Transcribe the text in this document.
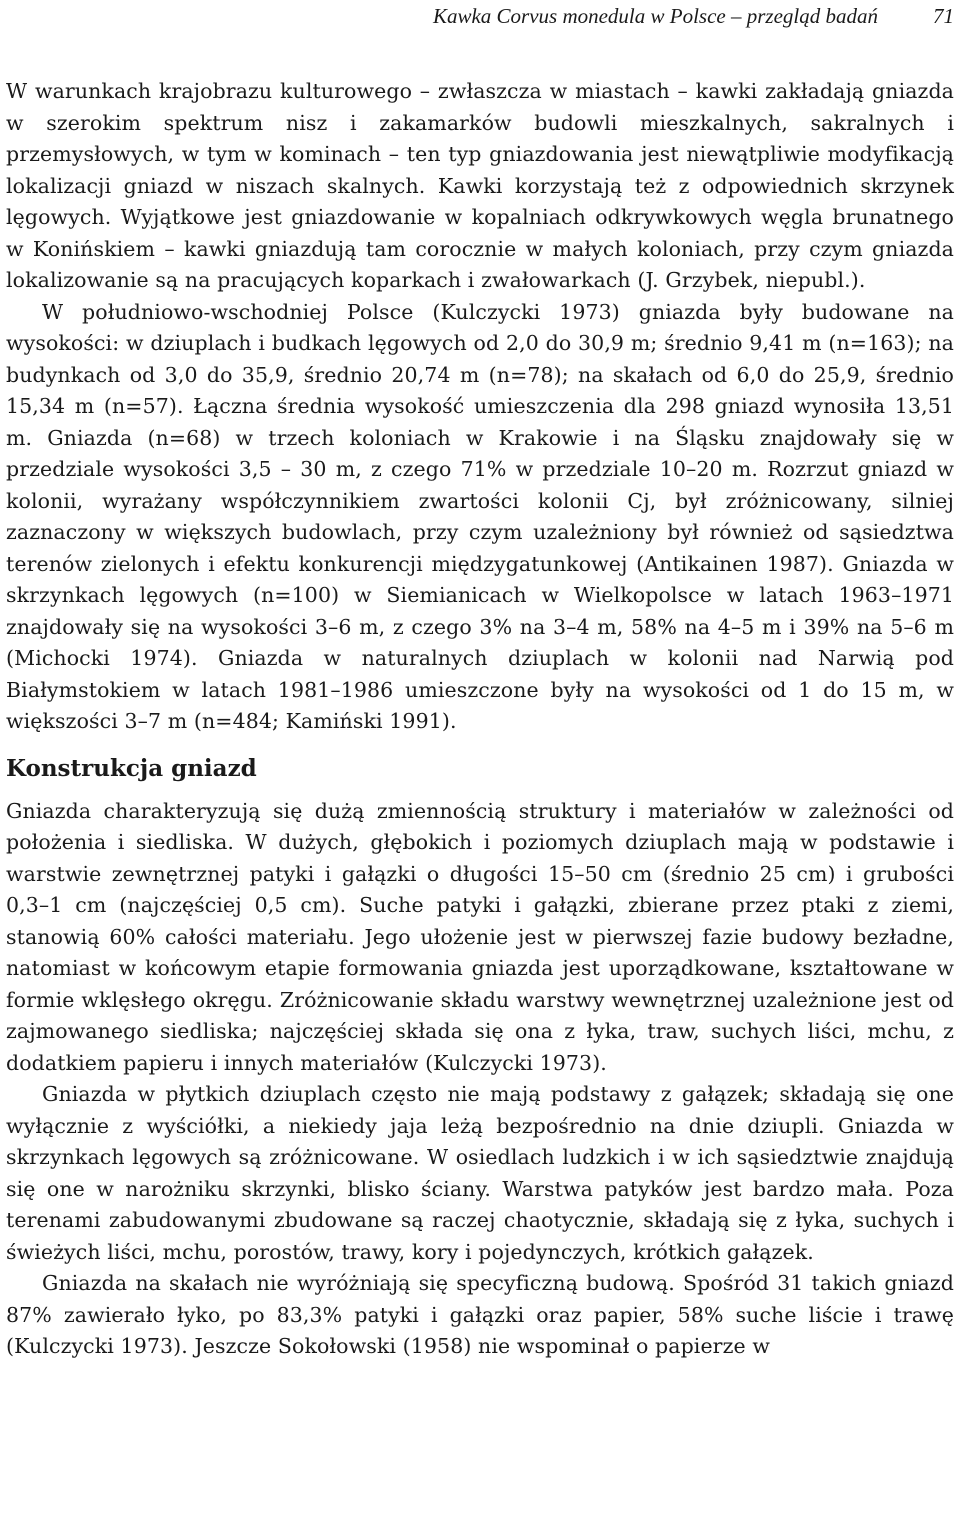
Kawka Corvus monedula w Polsce – przegląd badań	71

W warunkach krajobrazu kulturowego – zwłaszcza w miastach – kawki zakładają gniazda w szerokim spektrum nisz i zakamarków budowli mieszkalnych, sakralnych i przemysłowych, w tym w kominach – ten typ gniazdowania jest niewątpliwie modyfikacją lokalizacji gniazd w niszach skalnych. Kawki korzystają też z odpowiednich skrzynek lęgowych. Wyjątkowe jest gniazdowanie w kopalniach odkrywkowych węgla brunatnego w Konińskiem – kawki gniazdują tam corocznie w małych koloniach, przy czym gniazda lokalizowanie są na pracujących koparkach i zwałowarkach (J. Grzybek, niepubl.).

W południowo-wschodniej Polsce (Kulczycki 1973) gniazda były budowane na wysokości: w dziuplach i budkach lęgowych od 2,0 do 30,9 m; średnio 9,41 m (n=163); na budynkach od 3,0 do 35,9, średnio 20,74 m (n=78); na skałach od 6,0 do 25,9, średnio 15,34 m (n=57). Łączna średnia wysokość umieszczenia dla 298 gniazd wynosiła 13,51 m. Gniazda (n=68) w trzech koloniach w Krakowie i na Śląsku znajdowały się w przedziale wysokości 3,5 – 30 m, z czego 71% w przedziale 10–20 m. Rozrzut gniazd w kolonii, wyrażany współczynnikiem zwartości kolonii Cj, był zróżnicowany, silniej zaznaczony w większych budowlach, przy czym uzależniony był również od sąsiedztwa terenów zielonych i efektu konkurencji międzygatunkowej (Antikainen 1987). Gniazda w skrzynkach lęgowych (n=100) w Siemianicach w Wielkopolsce w latach 1963–1971 znajdowały się na wysokości 3–6 m, z czego 3% na 3–4 m, 58% na 4–5 m i 39% na 5–6 m (Michocki 1974). Gniazda w naturalnych dziuplach w kolonii nad Narwią pod Białymstokiem w latach 1981–1986 umieszczone były na wysokości od 1 do 15 m, w większości 3–7 m (n=484; Kamiński 1991).

Konstrukcja gniazd

Gniazda charakteryzują się dużą zmiennością struktury i materiałów w zależności od położenia i siedliska. W dużych, głębokich i poziomych dziuplach mają w podstawie i warstwie zewnętrznej patyki i gałązki o długości 15–50 cm (średnio 25 cm) i grubości 0,3–1 cm (najczęściej 0,5 cm). Suche patyki i gałązki, zbierane przez ptaki z ziemi, stanowią 60% całości materiału. Jego ułożenie jest w pierwszej fazie budowy bezładne, natomiast w końcowym etapie formowania gniazda jest uporządkowane, kształtowane w formie wklęsłego okręgu. Zróżnicowanie składu warstwy wewnętrznej uzależnione jest od zajmowanego siedliska; najczęściej składa się ona z łyka, traw, suchych liści, mchu, z dodatkiem papieru i innych materiałów (Kulczycki 1973).

Gniazda w płytkich dziuplach często nie mają podstawy z gałązek; składają się one wyłącznie z wyściółki, a niekiedy jaja leżą bezpośrednio na dnie dziupli. Gniazda w skrzynkach lęgowych są zróżnicowane. W osiedlach ludzkich i w ich sąsiedztwie znajdują się one w narożniku skrzynki, blisko ściany. Warstwa patyków jest bardzo mała. Poza terenami zabudowanymi zbudowane są raczej chaotycznie, składają się z łyka, suchych i świeżych liści, mchu, porostów, trawy, kory i pojedynczych, krótkich gałązek.

Gniazda na skałach nie wyróżniają się specyficzną budową. Spośród 31 takich gniazd 87% zawierało łyko, po 83,3% patyki i gałązki oraz papier, 58% suche liście i trawę (Kulczycki 1973). Jeszcze Sokołowski (1958) nie wspominał o papierze w
